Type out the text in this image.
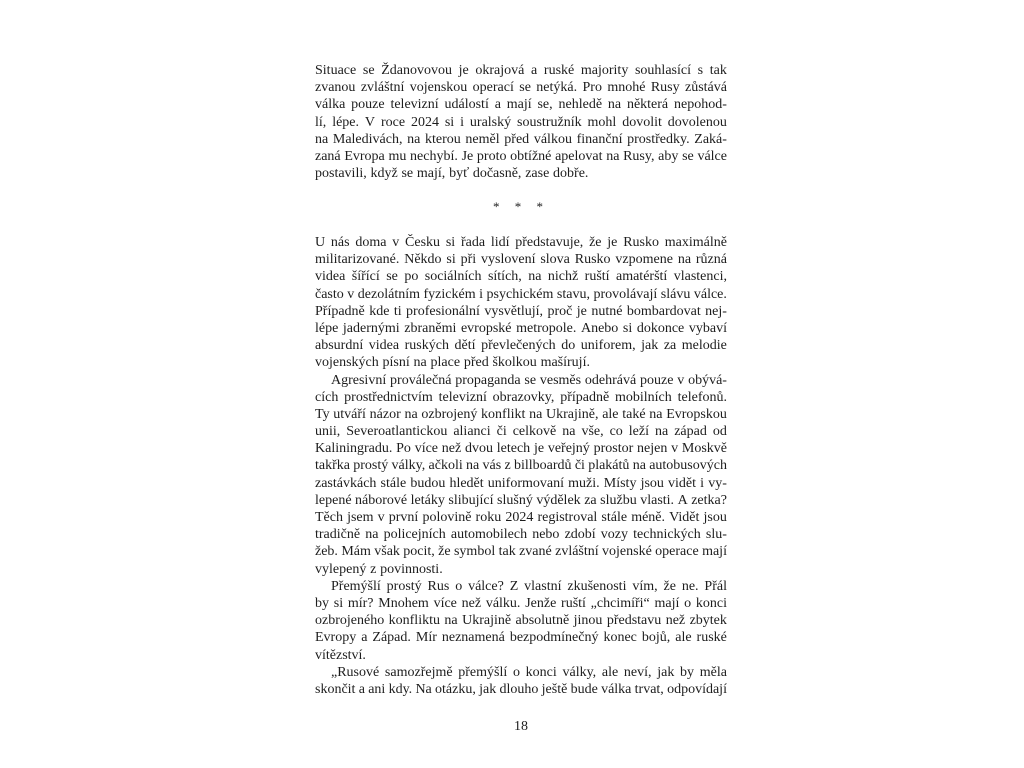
Situace se Ždanovovou je okrajová a ruské majority souhlasící s tak
zvanou zvláštní vojenskou operací se netýká. Pro mnohé Rusy zůstává
válka pouze televizní událostí a mají se, nehledě na některá nepohod-
lí, lépe. V roce 2024 si i uralský soustružník mohl dovolit dovolenou
na Maledivách, na kterou neměl před válkou finanční prostředky. Zaká-
zaná Evropa mu nechybí. Je proto obtížné apelovat na Rusy, aby se válce
postavili, když se mají, byť dočasně, zase dobře.
* * *
U nás doma v Česku si řada lidí představuje, že je Rusko maximálně
militarizované. Někdo si při vyslovení slova Rusko vzpomene na různá
videa šířící se po sociálních sítích, na nichž ruští amatérští vlastenci,
často v dezolátním fyzickém i psychickém stavu, provolávají slávu válce.
Případně kde ti profesionální vysvětlují, proč je nutné bombardovat nej-
lépe jadernými zbraněmi evropské metropole. Anebo si dokonce vybaví
absurdní videa ruských dětí převlečených do uniforem, jak za melodie
vojenských písní na place před školkou mašírují.
Agresivní proválečná propaganda se vesměs odehrává pouze v obývá-
cích prostřednictvím televizní obrazovky, případně mobilních telefonů.
Ty utváří názor na ozbrojený konflikt na Ukrajině, ale také na Evropskou
unii, Severoatlantickou alianci či celkově na vše, co leží na západ od
Kaliningradu. Po více než dvou letech je veřejný prostor nejen v Moskvě
takřka prostý války, ačkoli na vás z billboardů či plakátů na autobusových
zastávkách stále budou hledět uniformovaní muži. Místy jsou vidět i vy-
lepené náborové letáky slibující slušný výdělek za službu vlasti. A zetka?
Těch jsem v první polovině roku 2024 registroval stále méně. Vidět jsou
tradičně na policejních automobilech nebo zdobí vozy technických slu-
žeb. Mám však pocit, že symbol tak zvané zvláštní vojenské operace mají
vylepený z povinnosti.
Přemýšlí prostý Rus o válce? Z vlastní zkušenosti vím, že ne. Přál
by si mír? Mnohem více než válku. Jenže ruští „chcimíři“ mají o konci
ozbrojeného konfliktu na Ukrajině absolutně jinou představu než zbytek
Evropy a Západ. Mír neznamená bezpodmínečný konec bojů, ale ruské
vítězství.
„Rusové samozřejmě přemýšlí o konci války, ale neví, jak by měla
skončit a ani kdy. Na otázku, jak dlouho ještě bude válka trvat, odpovídají
18
